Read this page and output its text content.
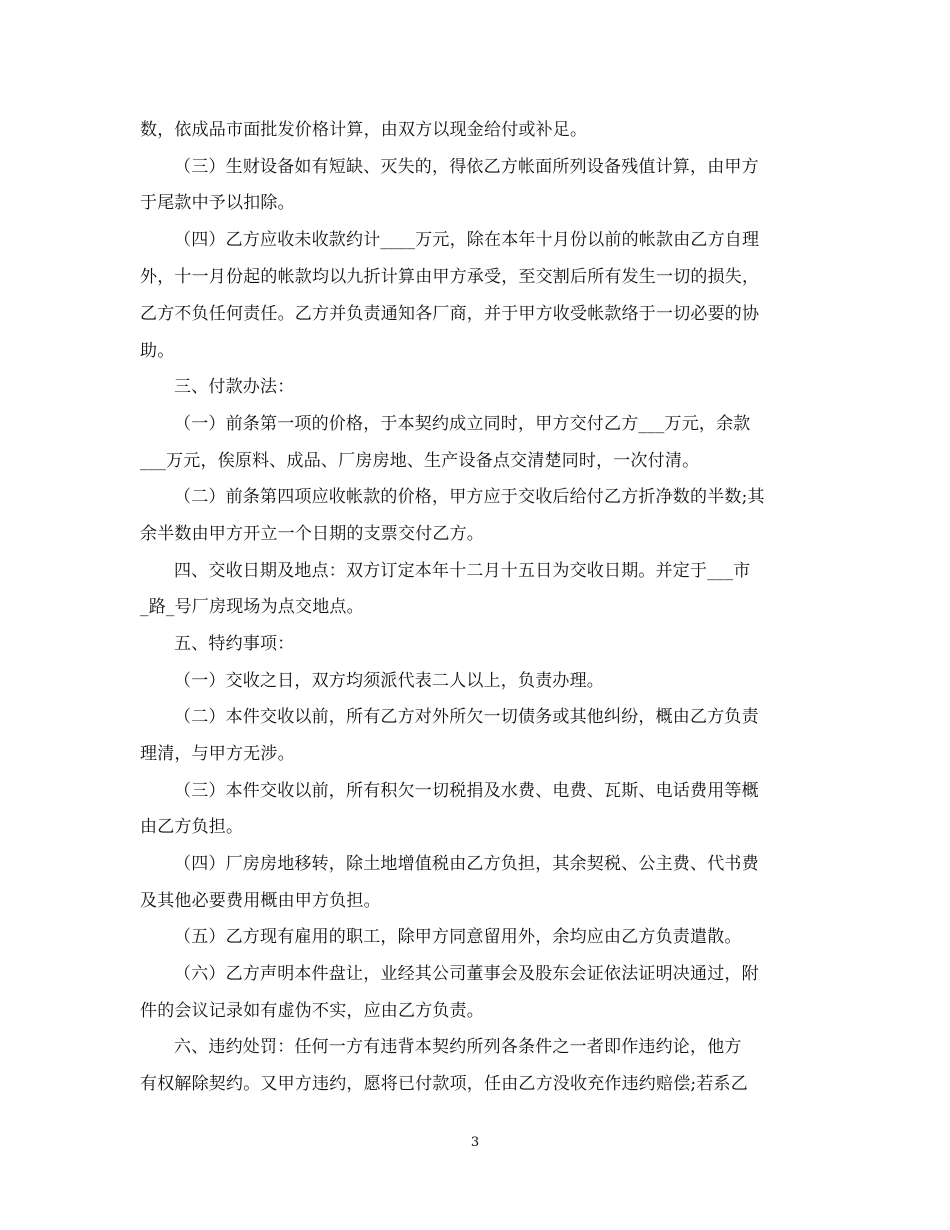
数，依成品市面批发价格计算，由双方以现金给付或补足。
（三）生财设备如有短缺、灭失的，得依乙方帐面所列设备残值计算，由甲方
于尾款中予以扣除。
（四）乙方应收未收款约计____万元，除在本年十月份以前的帐款由乙方自理
外，十一月份起的帐款均以九折计算由甲方承受，至交割后所有发生一切的损失，
乙方不负任何责任。乙方并负责通知各厂商，并于甲方收受帐款络于一切必要的协
助。
三、付款办法：
（一）前条第一项的价格，于本契约成立同时，甲方交付乙方___万元，余款
___万元，俟原料、成品、厂房房地、生产设备点交清楚同时，一次付清。
（二）前条第四项应收帐款的价格，甲方应于交收后给付乙方折净数的半数;其
余半数由甲方开立一个日期的支票交付乙方。
四、交收日期及地点：双方订定本年十二月十五日为交收日期。并定于___市
_路_号厂房现场为点交地点。
五、特约事项：
（一）交收之日，双方均须派代表二人以上，负责办理。
（二）本件交收以前，所有乙方对外所欠一切债务或其他纠纷，概由乙方负责
理清，与甲方无涉。
（三）本件交收以前，所有积欠一切税捐及水费、电费、瓦斯、电话费用等概
由乙方负担。
（四）厂房房地移转，除土地增值税由乙方负担，其余契税、公主费、代书费
及其他必要费用概由甲方负担。
（五）乙方现有雇用的职工，除甲方同意留用外，余均应由乙方负责遣散。
（六）乙方声明本件盘让，业经其公司董事会及股东会证依法证明决通过，附
件的会议记录如有虚伪不实，应由乙方负责。
六、违约处罚：任何一方有违背本契约所列各条件之一者即作违约论，他方
有权解除契约。又甲方违约，愿将已付款项，任由乙方没收充作违约赔偿;若系乙
3
